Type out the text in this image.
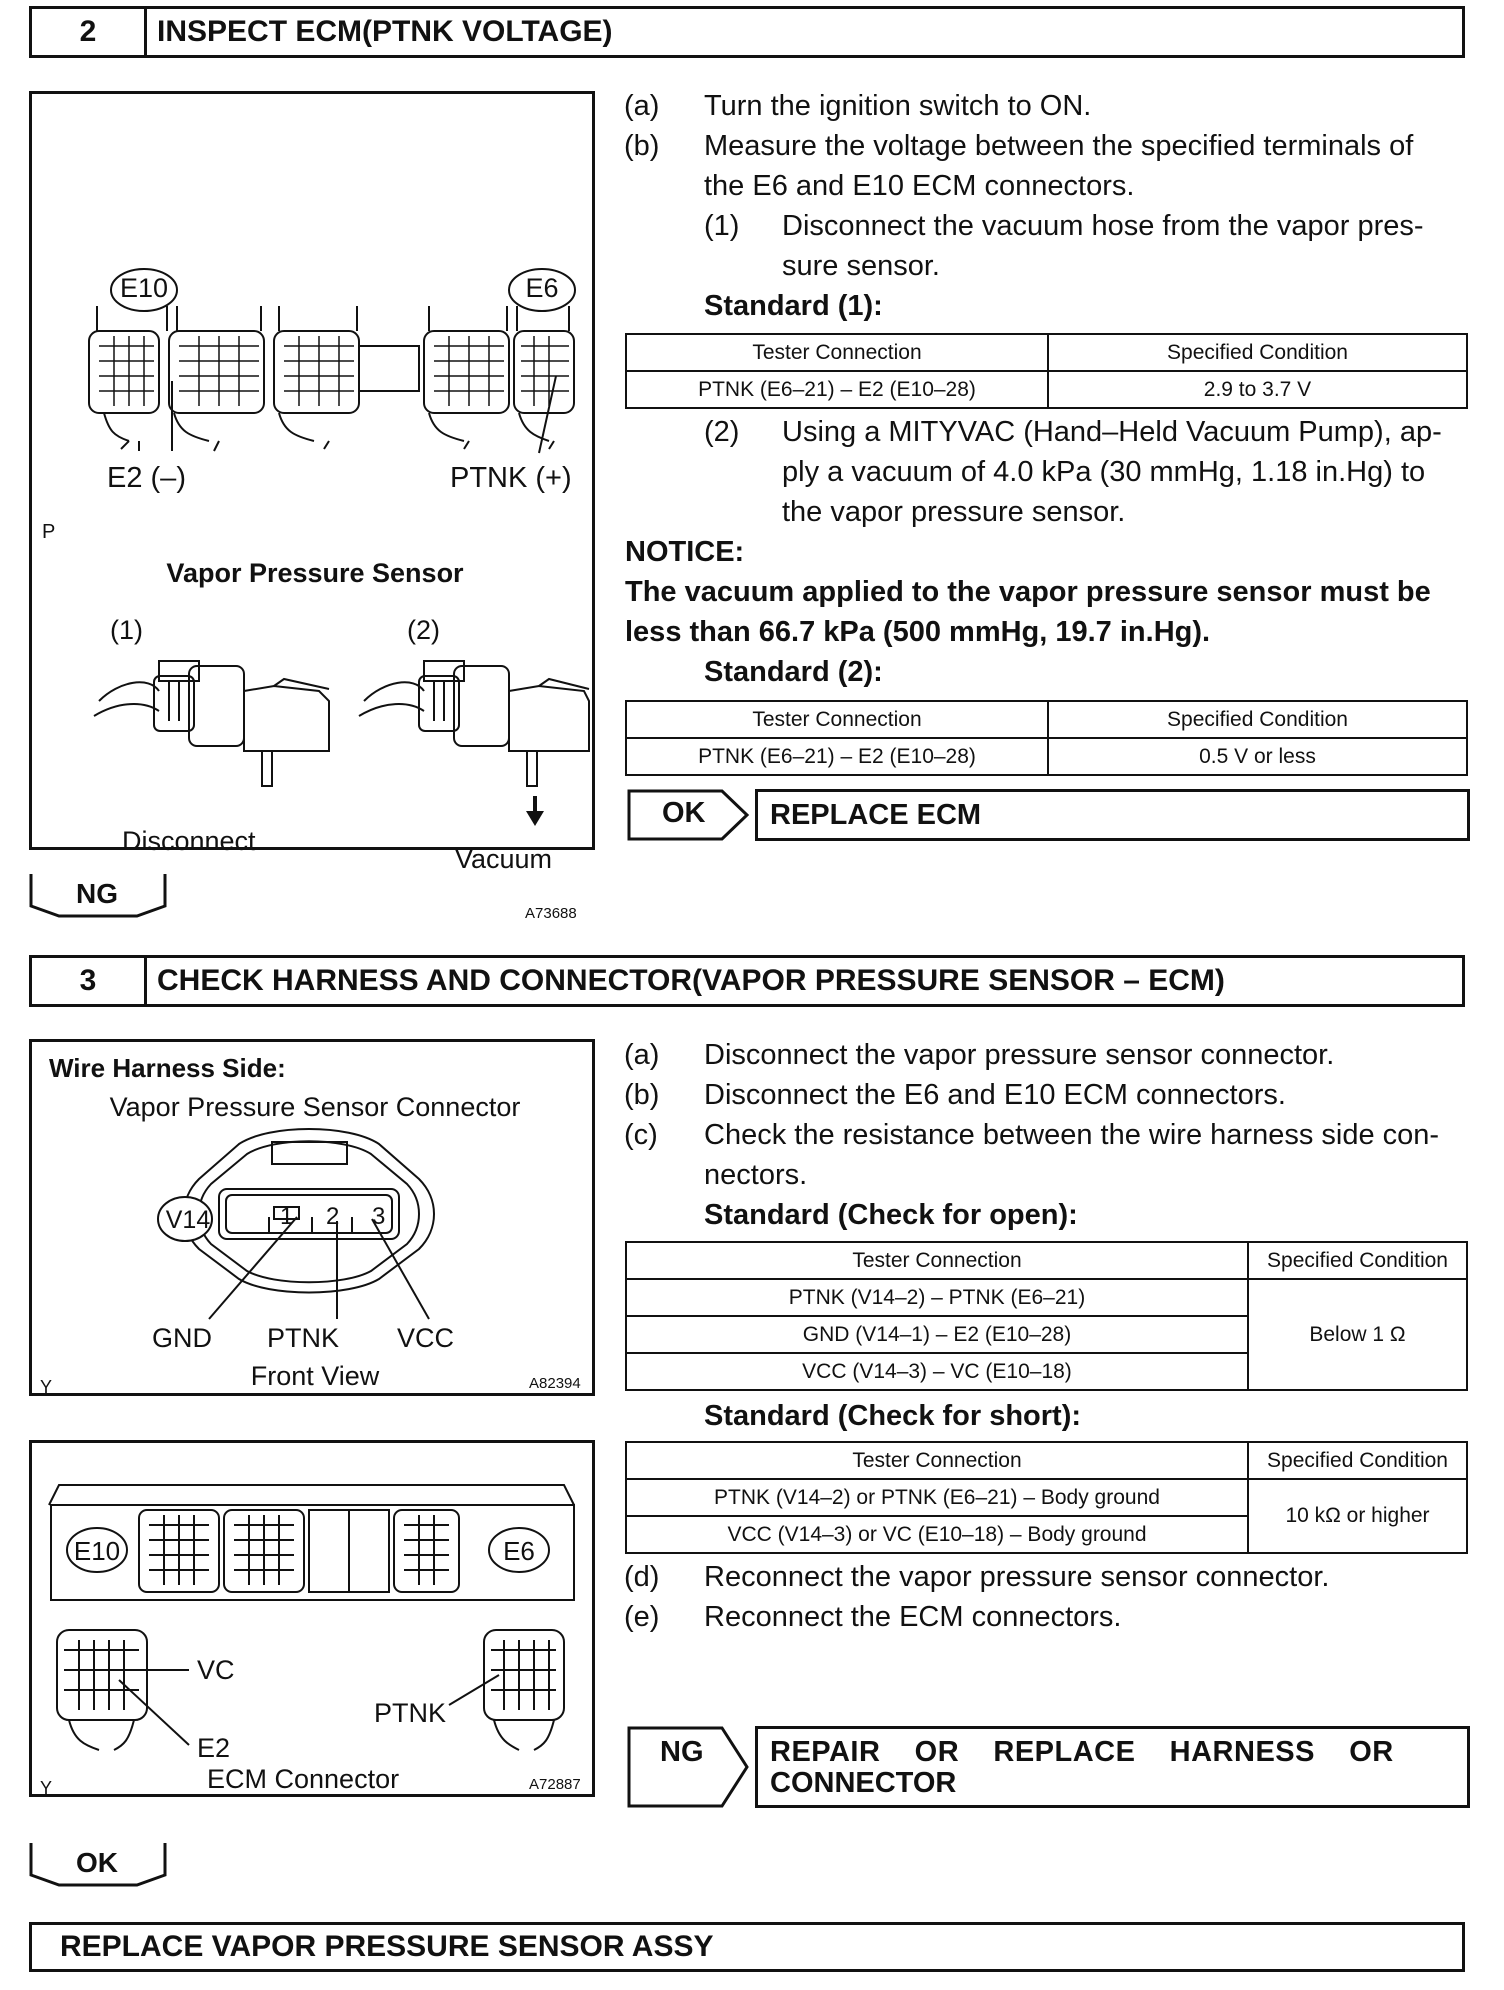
2	INSPECT ECM(PTNK VOLTAGE)
E10	E6
E2 (–)	PTNK (+)
P
Vapor Pressure Sensor
(1)	(2)
Disconnect
Vacuum
A73688
(a) Turn the ignition switch to ON.
(b) Measure the voltage between the specified terminals of
the E6 and E10 ECM connectors.
(1) Disconnect the vacuum hose from the vapor pres-
sure sensor.
Standard (1):
Tester Connection	Specified Condition
PTNK (E6–21) – E2 (E10–28)	2.9 to 3.7 V
(2) Using a MITYVAC (Hand–Held Vacuum Pump), ap-
ply a vacuum of 4.0 kPa (30 mmHg, 1.18 in.Hg) to
the vapor pressure sensor.
NOTICE:
The vacuum applied to the vapor pressure sensor must be
less than 66.7 kPa (500 mmHg, 19.7 in.Hg).
Standard (2):
Tester Connection	Specified Condition
PTNK (E6–21) – E2 (E10–28)	0.5 V or less
OK REPLACE ECM
NG
3	CHECK HARNESS AND CONNECTOR(VAPOR PRESSURE SENSOR – ECM)
Wire Harness Side:
Vapor Pressure Sensor Connector
V14	1 2 3
GND PTNK VCC
Front View
Y	A82394
E10	E6
VC
E2
PTNK
ECM Connector
Y	A72887
(a) Disconnect the vapor pressure sensor connector.
(b) Disconnect the E6 and E10 ECM connectors.
(c) Check the resistance between the wire harness side con-
nectors.
Standard (Check for open):
Tester Connection	Specified Condition
PTNK (V14–2) – PTNK (E6–21)	Below 1 Ω
GND (V14–1) – E2 (E10–28)	
VCC (V14–3) – VC (E10–18)	
Standard (Check for short):
Tester Connection	Specified Condition
PTNK (V14–2) or PTNK (E6–21) – Body ground	10 kΩ or higher
VCC (V14–3) or VC (E10–18) – Body ground	
(d) Reconnect the vapor pressure sensor connector.
(e) Reconnect the ECM connectors.
NG REPAIR    OR    REPLACE    HARNESS    OR
CONNECTOR
OK
REPLACE VAPOR PRESSURE SENSOR ASSY
